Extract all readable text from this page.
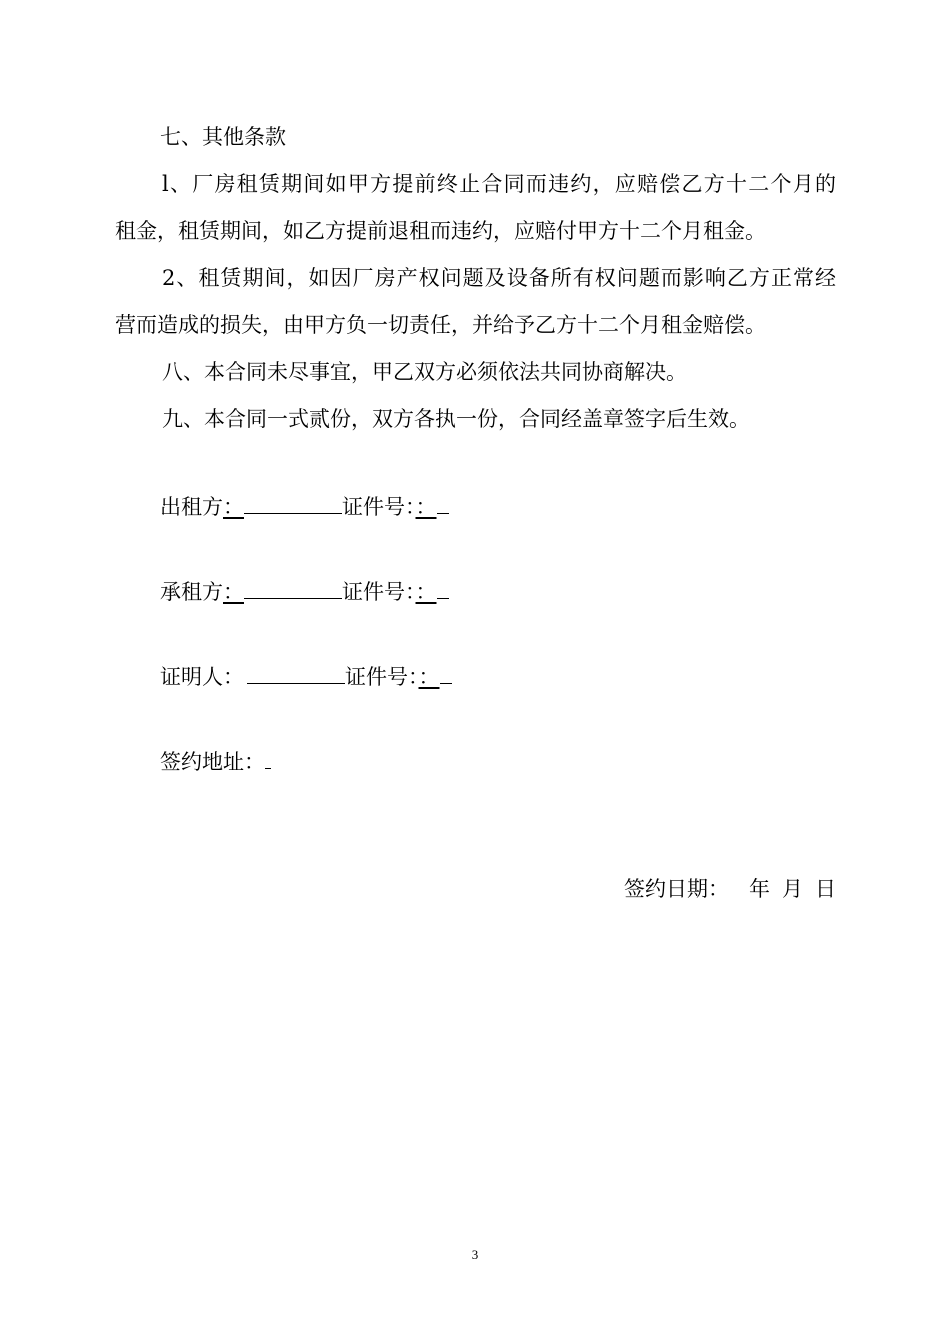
七、其他条款
l、厂房租赁期间如甲方提前终止合同而违约，应赔偿乙方十二个月的
租金，租赁期间，如乙方提前退租而违约，应赔付甲方十二个月租金。
2、租赁期间，如因厂房产权问题及设备所有权问题而影响乙方正常经
营而造成的损失，由甲方负一切责任，并给予乙方十二个月租金赔偿。
八、本合同未尽事宜，甲乙双方必须依法共同协商解决。
九、本合同一式贰份，双方各执一份，合同经盖章签字后生效。
出租方：	证件号：：
承租方：	证件号：：
证明人：	证件号：：
签约地址：
签约日期： 年 月 日
3
